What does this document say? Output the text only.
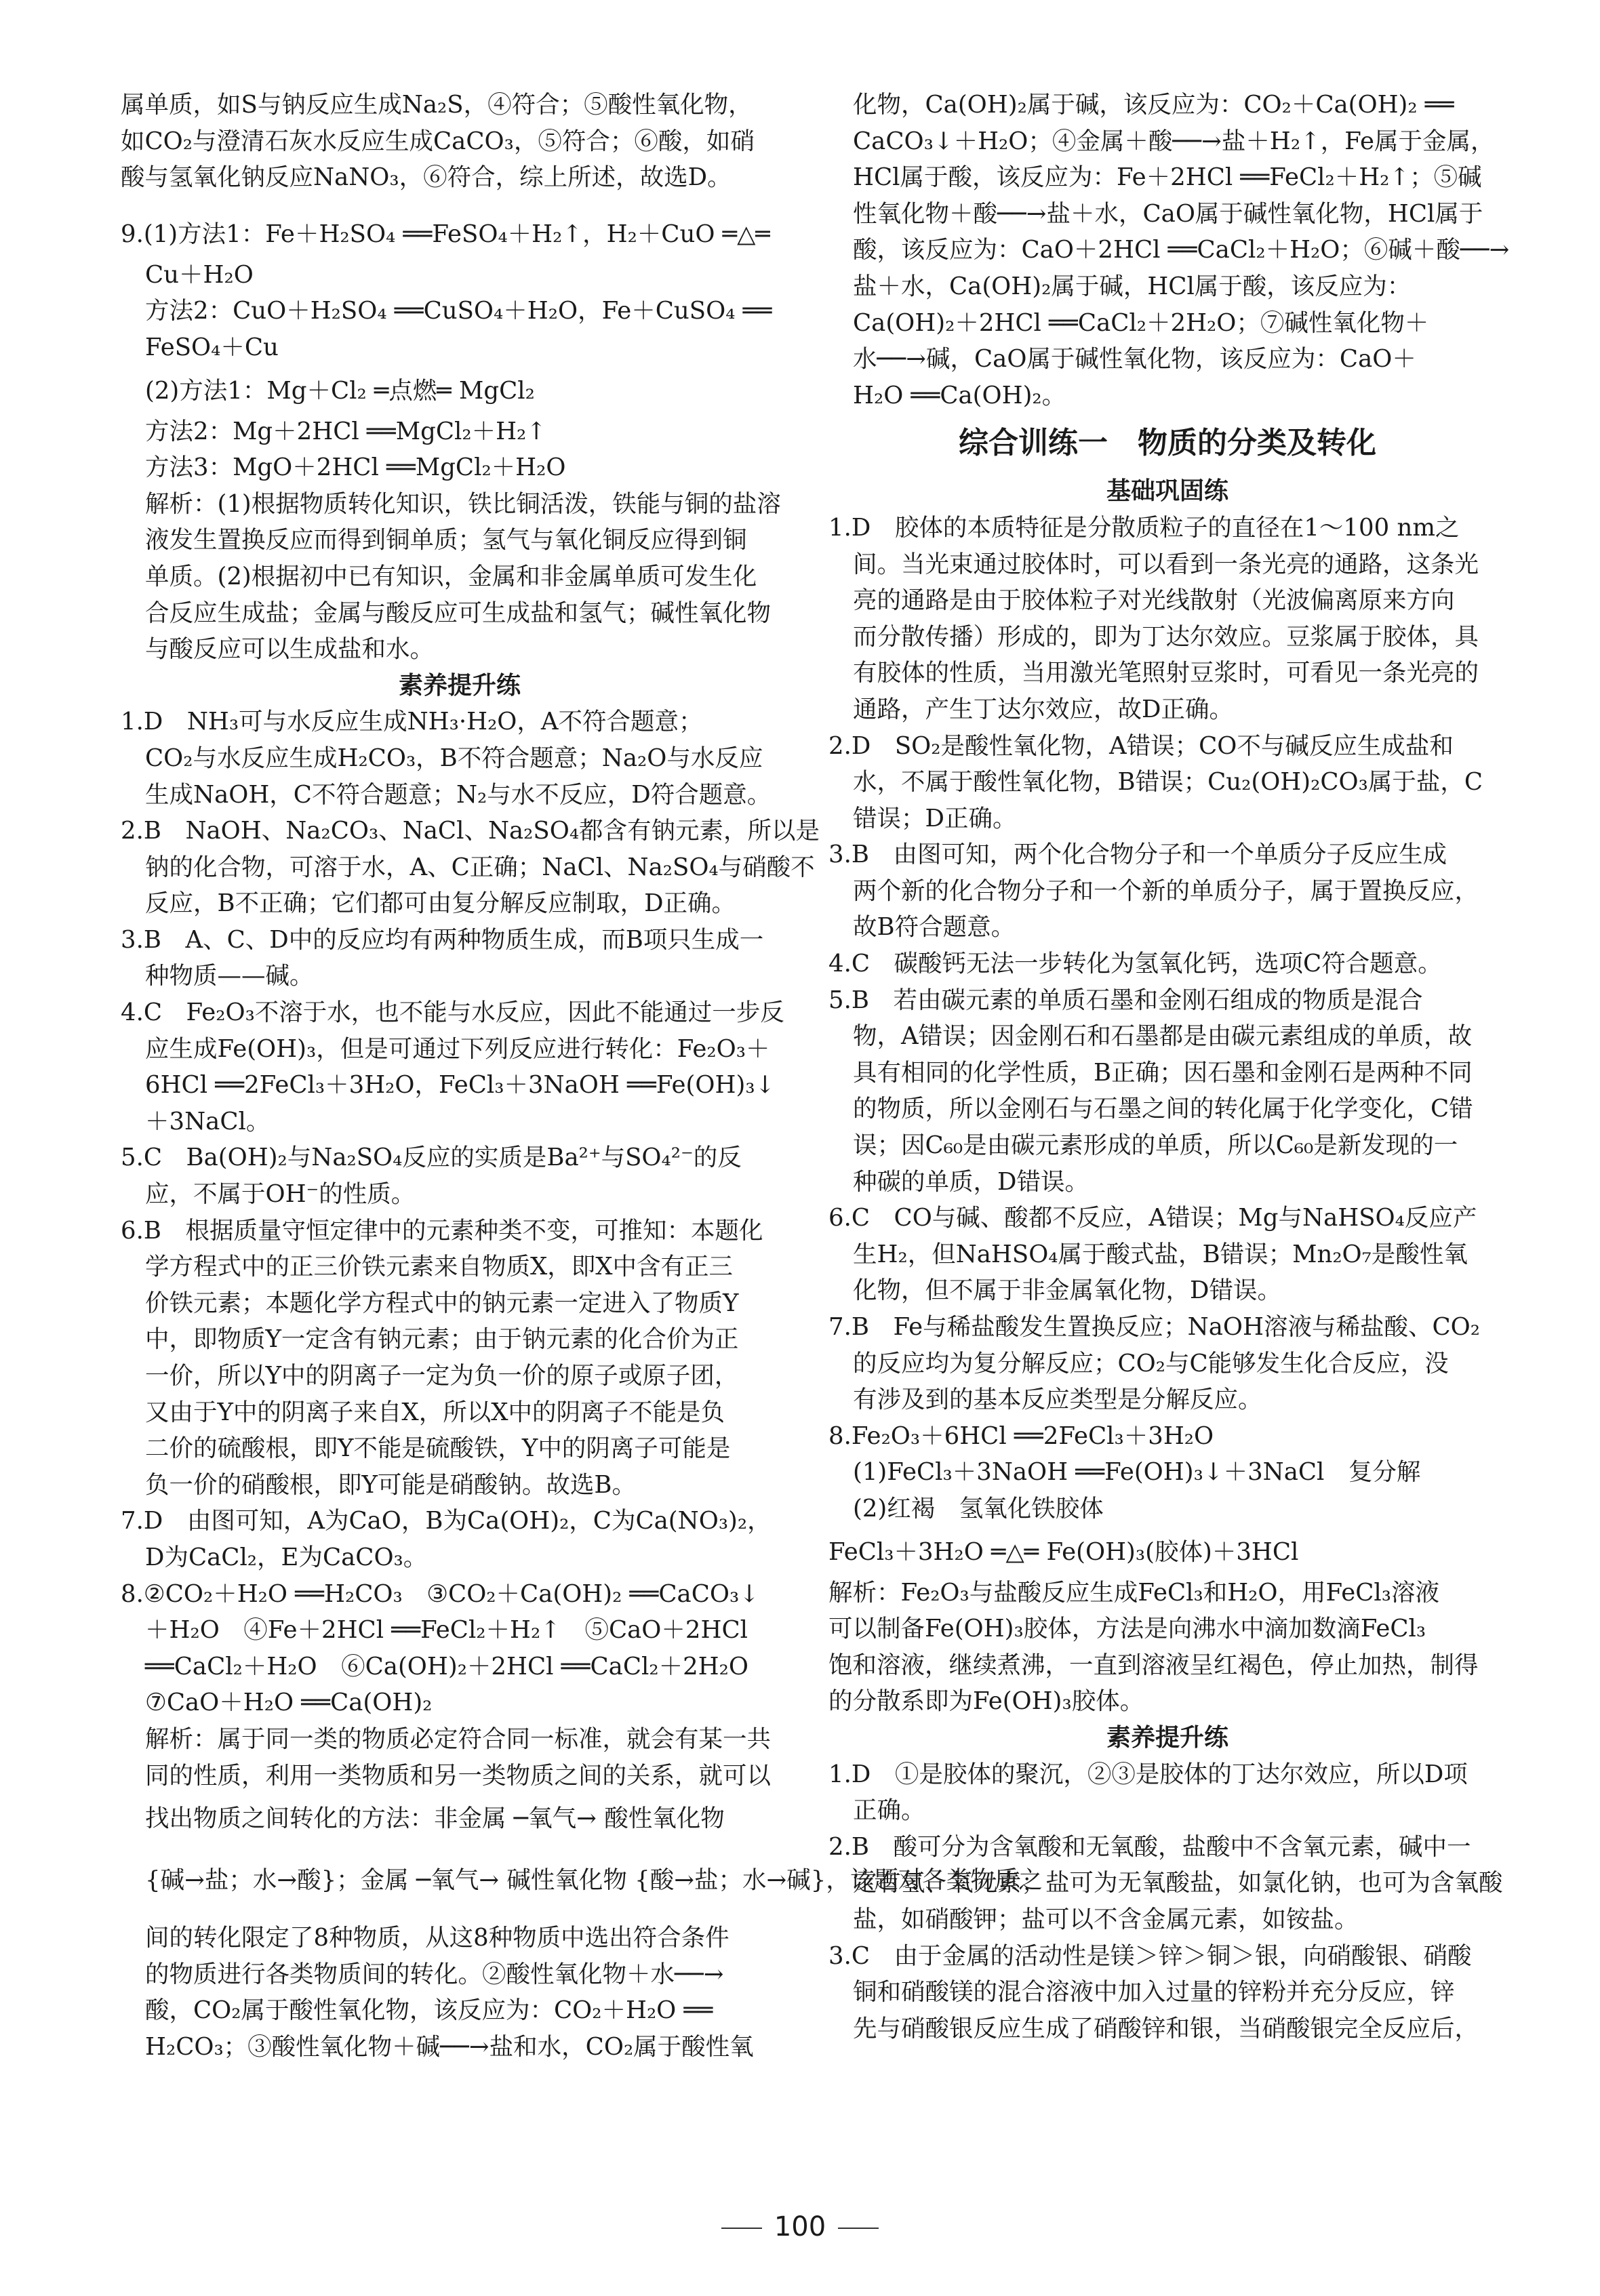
属单质，如S与钠反应生成Na₂S，④符合；⑤酸性氧化物，
如CO₂与澄清石灰水反应生成CaCO₃，⑤符合；⑥酸，如硝
酸与氢氧化钠反应NaNO₃，⑥符合，综上所述，故选D。
9.(1)方法1：Fe＋H₂SO₄ ══FeSO₄＋H₂↑，H₂＋CuO ═△═
Cu＋H₂O
方法2：CuO＋H₂SO₄ ══CuSO₄＋H₂O，Fe＋CuSO₄ ══
FeSO₄＋Cu
(2)方法1：Mg＋Cl₂ ═点燃═ MgCl₂
方法2：Mg＋2HCl ══MgCl₂＋H₂↑
方法3：MgO＋2HCl ══MgCl₂＋H₂O
解析：(1)根据物质转化知识，铁比铜活泼，铁能与铜的盐溶
液发生置换反应而得到铜单质；氢气与氧化铜反应得到铜
单质。(2)根据初中已有知识，金属和非金属单质可发生化
合反应生成盐；金属与酸反应可生成盐和氢气；碱性氧化物
与酸反应可以生成盐和水。
素养提升练
1.D　NH₃可与水反应生成NH₃·H₂O，A不符合题意；
CO₂与水反应生成H₂CO₃，B不符合题意；Na₂O与水反应
生成NaOH，C不符合题意；N₂与水不反应，D符合题意。
2.B　NaOH、Na₂CO₃、NaCl、Na₂SO₄都含有钠元素，所以是
钠的化合物，可溶于水，A、C正确；NaCl、Na₂SO₄与硝酸不
反应，B不正确；它们都可由复分解反应制取，D正确。
3.B　A、C、D中的反应均有两种物质生成，而B项只生成一
种物质——碱。
4.C　Fe₂O₃不溶于水，也不能与水反应，因此不能通过一步反
应生成Fe(OH)₃，但是可通过下列反应进行转化：Fe₂O₃＋
6HCl ══2FeCl₃＋3H₂O，FeCl₃＋3NaOH ══Fe(OH)₃↓
＋3NaCl。
5.C　Ba(OH)₂与Na₂SO₄反应的实质是Ba²⁺与SO₄²⁻的反
应，不属于OH⁻的性质。
6.B　根据质量守恒定律中的元素种类不变，可推知：本题化
学方程式中的正三价铁元素来自物质X，即X中含有正三
价铁元素；本题化学方程式中的钠元素一定进入了物质Y
中，即物质Y一定含有钠元素；由于钠元素的化合价为正
一价，所以Y中的阴离子一定为负一价的原子或原子团，
又由于Y中的阴离子来自X，所以X中的阴离子不能是负
二价的硫酸根，即Y不能是硫酸铁，Y中的阴离子可能是
负一价的硝酸根，即Y可能是硝酸钠。故选B。
7.D　由图可知，A为CaO，B为Ca(OH)₂，C为Ca(NO₃)₂，
D为CaCl₂，E为CaCO₃。
8.②CO₂＋H₂O ══H₂CO₃　③CO₂＋Ca(OH)₂ ══CaCO₃↓
＋H₂O　④Fe＋2HCl ══FeCl₂＋H₂↑　⑤CaO＋2HCl
══CaCl₂＋H₂O　⑥Ca(OH)₂＋2HCl ══CaCl₂＋2H₂O
⑦CaO＋H₂O ══Ca(OH)₂
解析：属于同一类的物质必定符合同一标准，就会有某一共
同的性质，利用一类物质和另一类物质之间的关系，就可以
找出物质之间转化的方法：非金属 ─氧气→ 酸性氧化物
{碱→盐；水→酸}；金属 ─氧气→ 碱性氧化物 {酸→盐；水→碱}，该题对各类物质之
间的转化限定了8种物质，从这8种物质中选出符合条件
的物质进行各类物质间的转化。②酸性氧化物＋水──→
酸，CO₂属于酸性氧化物，该反应为：CO₂＋H₂O ══
H₂CO₃；③酸性氧化物＋碱──→盐和水，CO₂属于酸性氧
化物，Ca(OH)₂属于碱，该反应为：CO₂＋Ca(OH)₂ ══
CaCO₃↓＋H₂O；④金属＋酸──→盐＋H₂↑，Fe属于金属，
HCl属于酸，该反应为：Fe＋2HCl ══FeCl₂＋H₂↑；⑤碱
性氧化物＋酸──→盐＋水，CaO属于碱性氧化物，HCl属于
酸，该反应为：CaO＋2HCl ══CaCl₂＋H₂O；⑥碱＋酸──→
盐＋水，Ca(OH)₂属于碱，HCl属于酸，该反应为：
Ca(OH)₂＋2HCl ══CaCl₂＋2H₂O；⑦碱性氧化物＋
水──→碱，CaO属于碱性氧化物，该反应为：CaO＋
H₂O ══Ca(OH)₂。
综合训练一　物质的分类及转化
基础巩固练
1.D　胶体的本质特征是分散质粒子的直径在1～100 nm之
间。当光束通过胶体时，可以看到一条光亮的通路，这条光
亮的通路是由于胶体粒子对光线散射（光波偏离原来方向
而分散传播）形成的，即为丁达尔效应。豆浆属于胶体，具
有胶体的性质，当用激光笔照射豆浆时，可看见一条光亮的
通路，产生丁达尔效应，故D正确。
2.D　SO₂是酸性氧化物，A错误；CO不与碱反应生成盐和
水，不属于酸性氧化物，B错误；Cu₂(OH)₂CO₃属于盐，C
错误；D正确。
3.B　由图可知，两个化合物分子和一个单质分子反应生成
两个新的化合物分子和一个新的单质分子，属于置换反应，
故B符合题意。
4.C　碳酸钙无法一步转化为氢氧化钙，选项C符合题意。
5.B　若由碳元素的单质石墨和金刚石组成的物质是混合
物，A错误；因金刚石和石墨都是由碳元素组成的单质，故
具有相同的化学性质，B正确；因石墨和金刚石是两种不同
的物质，所以金刚石与石墨之间的转化属于化学变化，C错
误；因C₆₀是由碳元素形成的单质，所以C₆₀是新发现的一
种碳的单质，D错误。
6.C　CO与碱、酸都不反应，A错误；Mg与NaHSO₄反应产
生H₂，但NaHSO₄属于酸式盐，B错误；Mn₂O₇是酸性氧
化物，但不属于非金属氧化物，D错误。
7.B　Fe与稀盐酸发生置换反应；NaOH溶液与稀盐酸、CO₂
的反应均为复分解反应；CO₂与C能够发生化合反应，没
有涉及到的基本反应类型是分解反应。
8.Fe₂O₃＋6HCl ══2FeCl₃＋3H₂O
(1)FeCl₃＋3NaOH ══Fe(OH)₃↓＋3NaCl　复分解
(2)红褐　氢氧化铁胶体
FeCl₃＋3H₂O ═△═ Fe(OH)₃(胶体)＋3HCl
解析：Fe₂O₃与盐酸反应生成FeCl₃和H₂O，用FeCl₃溶液
可以制备Fe(OH)₃胶体，方法是向沸水中滴加数滴FeCl₃
饱和溶液，继续煮沸，一直到溶液呈红褐色，停止加热，制得
的分散系即为Fe(OH)₃胶体。
素养提升练
1.D　①是胶体的聚沉，②③是胶体的丁达尔效应，所以D项
正确。
2.B　酸可分为含氧酸和无氧酸，盐酸中不含氧元素，碱中一
定有氢、氧元素；盐可为无氧酸盐，如氯化钠，也可为含氧酸
盐，如硝酸钾；盐可以不含金属元素，如铵盐。
3.C　由于金属的活动性是镁＞锌＞铜＞银，向硝酸银、硝酸
铜和硝酸镁的混合溶液中加入过量的锌粉并充分反应，锌
先与硝酸银反应生成了硝酸锌和银，当硝酸银完全反应后，
100
